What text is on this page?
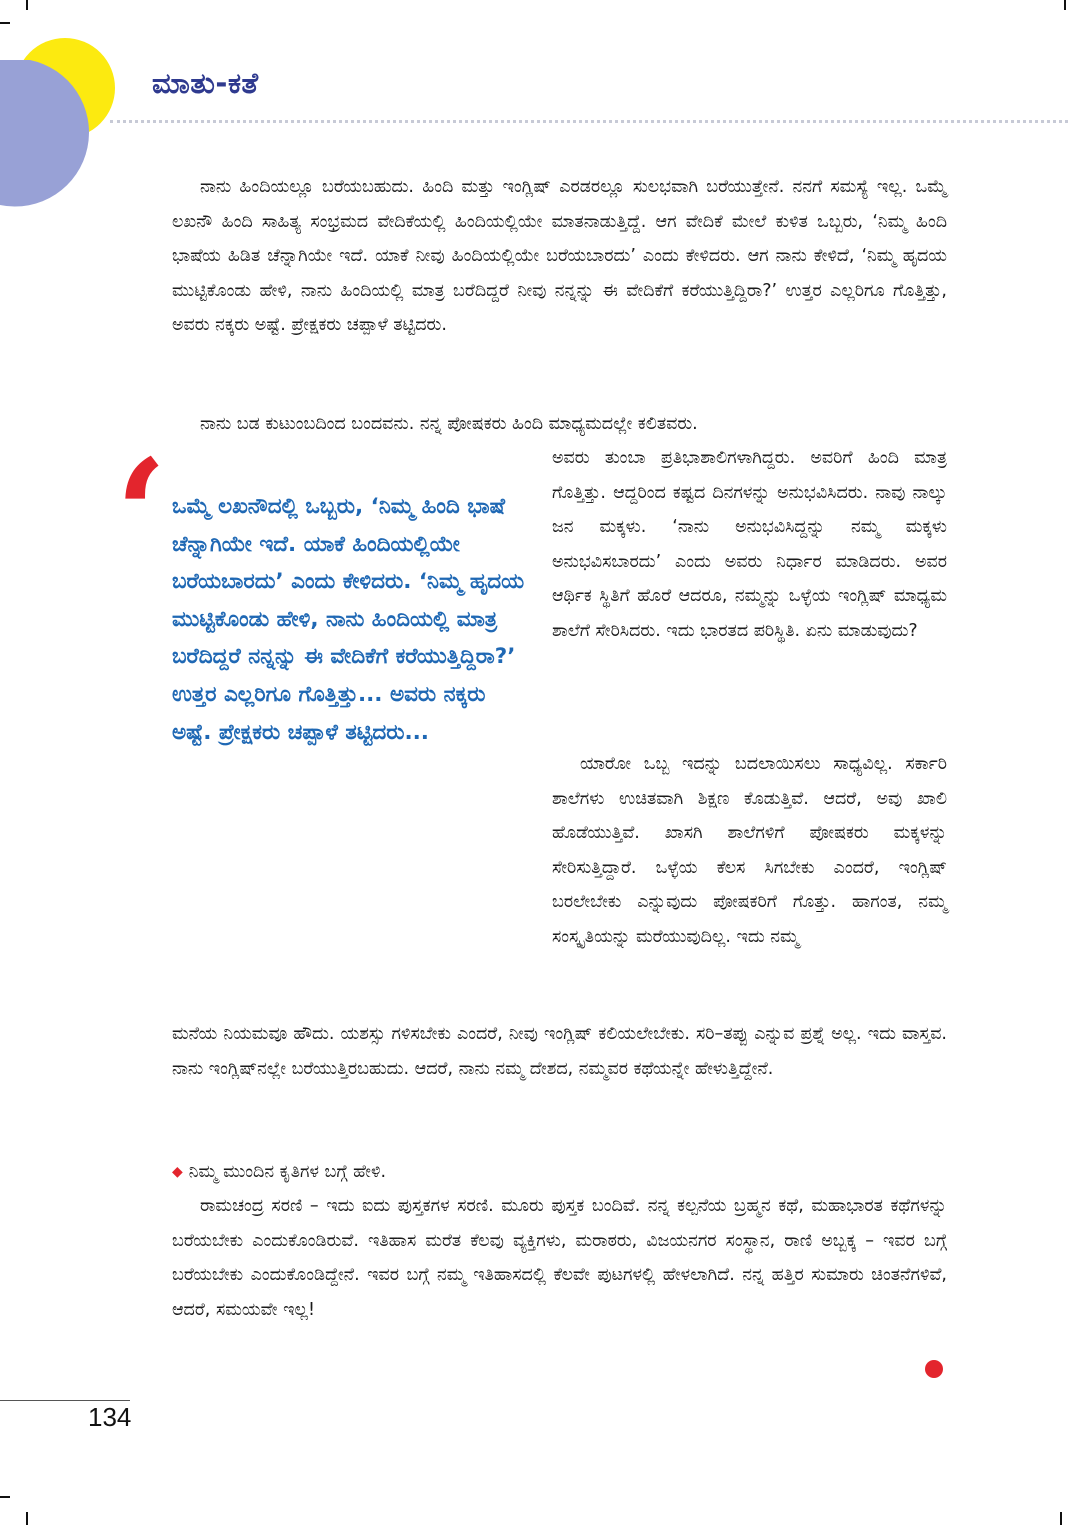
ಮಾತು-ಕತೆ

ನಾನು ಹಿಂದಿಯಲ್ಲೂ ಬರೆಯಬಹುದು. ಹಿಂದಿ ಮತ್ತು ಇಂಗ್ಲಿಷ್ ಎರಡರಲ್ಲೂ ಸುಲಭವಾಗಿ ಬರೆಯುತ್ತೇನೆ. ನನಗೆ ಸಮಸ್ಯೆ ಇಲ್ಲ. ಒಮ್ಮೆ ಲಖನೌ ಹಿಂದಿ ಸಾಹಿತ್ಯ ಸಂಭ್ರಮದ ವೇದಿಕೆಯಲ್ಲಿ ಹಿಂದಿಯಲ್ಲಿಯೇ ಮಾತನಾಡುತ್ತಿದ್ದೆ. ಆಗ ವೇದಿಕೆ ಮೇಲೆ ಕುಳಿತ ಒಬ್ಬರು, ‘ನಿಮ್ಮ ಹಿಂದಿ ಭಾಷೆಯ ಹಿಡಿತ ಚೆನ್ನಾಗಿಯೇ ಇದೆ. ಯಾಕೆ ನೀವು ಹಿಂದಿಯಲ್ಲಿಯೇ ಬರೆಯಬಾರದು’ ಎಂದು ಕೇಳಿದರು. ಆಗ ನಾನು ಕೇಳಿದೆ, ‘ನಿಮ್ಮ ಹೃದಯ ಮುಟ್ಟಿಕೊಂಡು ಹೇಳಿ, ನಾನು ಹಿಂದಿಯಲ್ಲಿ ಮಾತ್ರ ಬರೆದಿದ್ದರೆ ನೀವು ನನ್ನನ್ನು ಈ ವೇದಿಕೆಗೆ ಕರೆಯುತ್ತಿದ್ದಿರಾ?’ ಉತ್ತರ ಎಲ್ಲರಿಗೂ ಗೊತ್ತಿತ್ತು, ಅವರು ನಕ್ಕರು ಅಷ್ಟೆ. ಪ್ರೇಕ್ಷಕರು ಚಪ್ಪಾಳೆ ತಟ್ಟಿದರು.

ನಾನು ಬಡ ಕುಟುಂಬದಿಂದ ಬಂದವನು. ನನ್ನ ಪೋಷಕರು ಹಿಂದಿ ಮಾಧ್ಯಮದಲ್ಲೇ ಕಲಿತವರು.

ಅವರು ತುಂಬಾ ಪ್ರತಿಭಾಶಾಲಿಗಳಾಗಿದ್ದರು. ಅವರಿಗೆ ಹಿಂದಿ ಮಾತ್ರ ಗೊತ್ತಿತ್ತು. ಆದ್ದರಿಂದ ಕಷ್ಟದ ದಿನಗಳನ್ನು ಅನುಭವಿಸಿದರು. ನಾವು ನಾಲ್ಕು ಜನ ಮಕ್ಕಳು. ‘ನಾನು ಅನುಭವಿಸಿದ್ದನ್ನು ನಮ್ಮ ಮಕ್ಕಳು ಅನುಭವಿಸಬಾರದು’ ಎಂದು ಅವರು ನಿರ್ಧಾರ ಮಾಡಿದರು. ಅವರ ಆರ್ಥಿಕ ಸ್ಥಿತಿಗೆ ಹೊರೆ ಆದರೂ, ನಮ್ಮನ್ನು ಒಳ್ಳೆಯ ಇಂಗ್ಲಿಷ್ ಮಾಧ್ಯಮ ಶಾಲೆಗೆ ಸೇರಿಸಿದರು. ಇದು ಭಾರತದ ಪರಿಸ್ಥಿತಿ. ಏನು ಮಾಡುವುದು?

ಯಾರೋ ಒಬ್ಬ ಇದನ್ನು ಬದಲಾಯಿಸಲು ಸಾಧ್ಯವಿಲ್ಲ. ಸರ್ಕಾರಿ ಶಾಲೆಗಳು ಉಚಿತವಾಗಿ ಶಿಕ್ಷಣ ಕೊಡುತ್ತಿವೆ. ಆದರೆ, ಅವು ಖಾಲಿ ಹೊಡೆಯುತ್ತಿವೆ. ಖಾಸಗಿ ಶಾಲೆಗಳಿಗೆ ಪೋಷಕರು ಮಕ್ಕಳನ್ನು ಸೇರಿಸುತ್ತಿದ್ದಾರೆ. ಒಳ್ಳೆಯ ಕೆಲಸ ಸಿಗಬೇಕು ಎಂದರೆ, ಇಂಗ್ಲಿಷ್ ಬರಲೇಬೇಕು ಎನ್ನುವುದು ಪೋಷಕರಿಗೆ ಗೊತ್ತು. ಹಾಗಂತ, ನಮ್ಮ ಸಂಸ್ಕೃತಿಯನ್ನು ಮರೆಯುವುದಿಲ್ಲ. ಇದು ನಮ್ಮ

ಮನೆಯ ನಿಯಮವೂ ಹೌದು. ಯಶಸ್ಸು ಗಳಿಸಬೇಕು ಎಂದರೆ, ನೀವು ಇಂಗ್ಲಿಷ್ ಕಲಿಯಲೇಬೇಕು. ಸರಿ–ತಪ್ಪು ಎನ್ನುವ ಪ್ರಶ್ನೆ ಅಲ್ಲ. ಇದು ವಾಸ್ತವ. ನಾನು ಇಂಗ್ಲಿಷ್‌ನಲ್ಲೇ ಬರೆಯುತ್ತಿರಬಹುದು. ಆದರೆ, ನಾನು ನಮ್ಮ ದೇಶದ, ನಮ್ಮವರ ಕಥೆಯನ್ನೇ ಹೇಳುತ್ತಿದ್ದೇನೆ.

‘ ಒಮ್ಮೆ ಲಖನೌದಲ್ಲಿ ಒಬ್ಬರು, ‘ನಿಮ್ಮ ಹಿಂದಿ ಭಾಷೆ ಚೆನ್ನಾಗಿಯೇ ಇದೆ. ಯಾಕೆ ಹಿಂದಿಯಲ್ಲಿಯೇ ಬರೆಯಬಾರದು’ ಎಂದು ಕೇಳಿದರು. ‘ನಿಮ್ಮ ಹೃದಯ ಮುಟ್ಟಿಕೊಂಡು ಹೇಳಿ, ನಾನು ಹಿಂದಿಯಲ್ಲಿ ಮಾತ್ರ ಬರೆದಿದ್ದರೆ ನನ್ನನ್ನು ಈ ವೇದಿಕೆಗೆ ಕರೆಯುತ್ತಿದ್ದಿರಾ?’ ಉತ್ತರ ಎಲ್ಲರಿಗೂ ಗೊತ್ತಿತ್ತು... ಅವರು ನಕ್ಕರು ಅಷ್ಟೆ. ಪ್ರೇಕ್ಷಕರು ಚಪ್ಪಾಳೆ ತಟ್ಟಿದರು...

◆ ನಿಮ್ಮ ಮುಂದಿನ ಕೃತಿಗಳ ಬಗ್ಗೆ ಹೇಳಿ.

ರಾಮಚಂದ್ರ ಸರಣಿ – ಇದು ಐದು ಪುಸ್ತಕಗಳ ಸರಣಿ. ಮೂರು ಪುಸ್ತಕ ಬಂದಿವೆ. ನನ್ನ ಕಲ್ಪನೆಯ ಬ್ರಹ್ಮನ ಕಥೆ, ಮಹಾಭಾರತ ಕಥೆಗಳನ್ನು ಬರೆಯಬೇಕು ಎಂದುಕೊಂಡಿರುವೆ. ಇತಿಹಾಸ ಮರೆತ ಕೆಲವು ವ್ಯಕ್ತಿಗಳು, ಮರಾಠರು, ವಿಜಯನಗರ ಸಂಸ್ಥಾನ, ರಾಣಿ ಅಬ್ಬಕ್ಕ – ಇವರ ಬಗ್ಗೆ ಬರೆಯಬೇಕು ಎಂದುಕೊಂಡಿದ್ದೇನೆ. ಇವರ ಬಗ್ಗೆ ನಮ್ಮ ಇತಿಹಾಸದಲ್ಲಿ ಕೆಲವೇ ಪುಟಗಳಲ್ಲಿ ಹೇಳಲಾಗಿದೆ. ನನ್ನ ಹತ್ತಿರ ಸುಮಾರು ಚಿಂತನೆಗಳಿವೆ, ಆದರೆ, ಸಮಯವೇ ಇಲ್ಲ!

134
